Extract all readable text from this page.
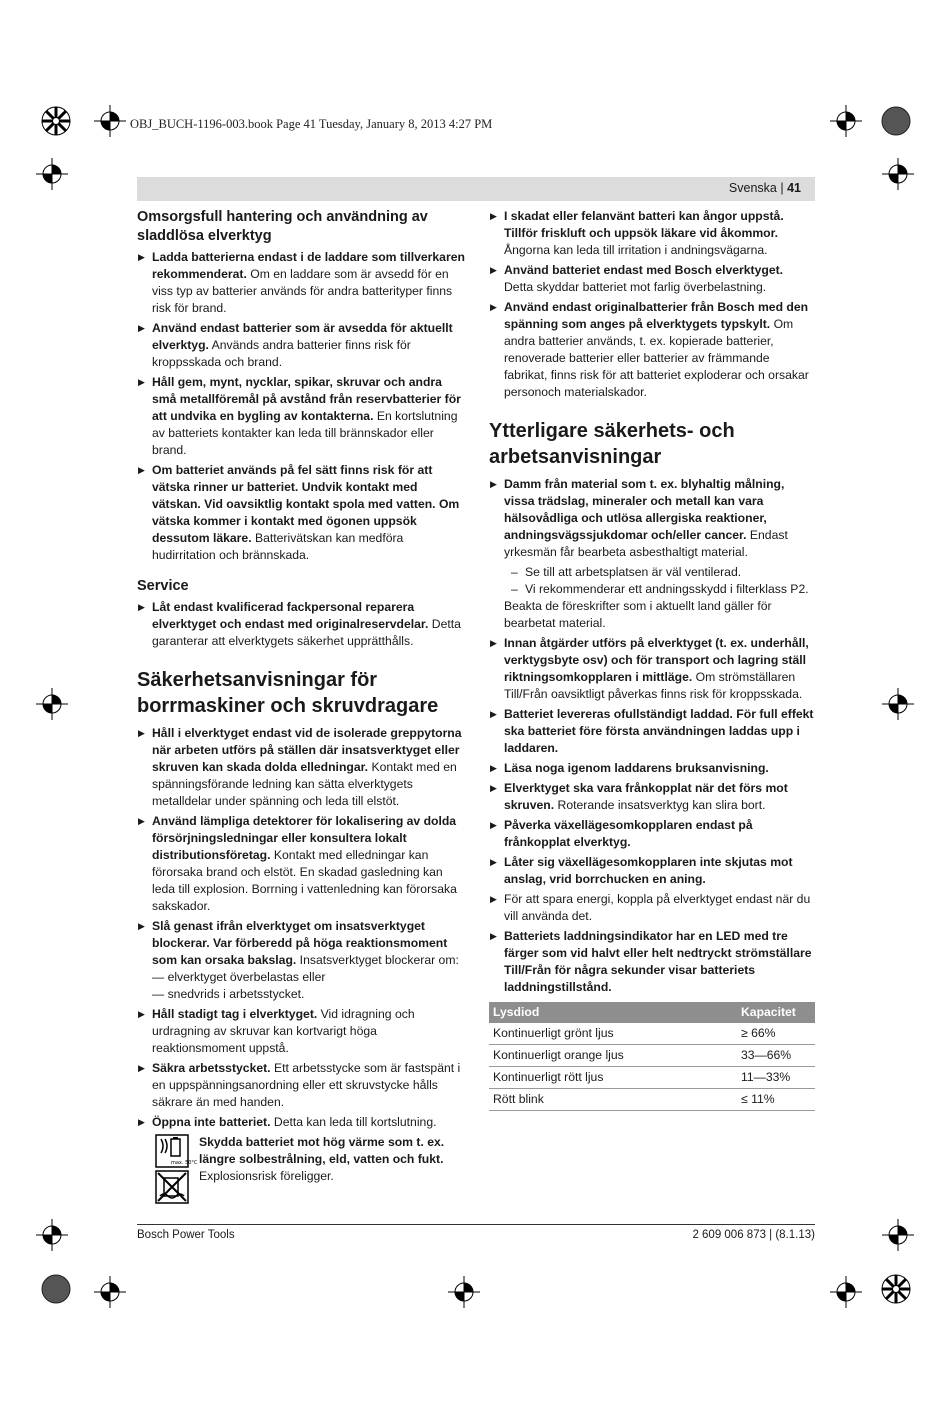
OBJ_BUCH-1196-003.book Page 41 Tuesday, January 8, 2013 4:27 PM
Svenska | 41
Omsorgsfull hantering och användning av sladdlösa elverktyg

▶ Ladda batterierna endast i de laddare som tillverkaren rekommenderat. Om en laddare som är avsedd för en viss typ av batterier används för andra batterityper finns risk för brand.

▶ Använd endast batterier som är avsedda för aktuellt elverktyg. Används andra batterier finns risk för kroppsskada och brand.

▶ Håll gem, mynt, nycklar, spikar, skruvar och andra små metallföremål på avstånd från reservbatterier för att undvika en bygling av kontakterna. En kortslutning av batteriets kontakter kan leda till brännskador eller brand.

▶ Om batteriet används på fel sätt finns risk för att vätska rinner ur batteriet. Undvik kontakt med vätskan. Vid oavsiktlig kontakt spola med vatten. Om vätska kommer i kontakt med ögonen uppsök dessutom läkare. Batterivätskan kan medföra hudirritation och brännskada.

Service

▶ Låt endast kvalificerad fackpersonal reparera elverktyget och endast med originalreservdelar. Detta garanterar att elverktygets säkerhet upprätthålls.

Säkerhetsanvisningar för borrmaskiner och skruvdragare

▶ Håll i elverktyget endast vid de isolerade greppytorna när arbeten utförs på ställen där insatsverktyget eller skruven kan skada dolda elledningar. Kontakt med en spänningsförande ledning kan sätta elverktygets metalldelar under spänning och leda till elstöt.

▶ Använd lämpliga detektorer för lokalisering av dolda försörjningsledningar eller konsultera lokalt distributionsföretag. Kontakt med elledningar kan förorsaka brand och elstöt. En skadad gasledning kan leda till explosion. Borrning i vattenledning kan förorsaka sakskador.

▶ Slå genast ifrån elverktyget om insatsverktyget blockerar. Var förberedd på höga reaktionsmoment som kan orsaka bakslag. Insatsverktyget blockerar om:
— elverktyget överbelastas eller
— snedvrids i arbetsstycket.

▶ Håll stadigt tag i elverktyget. Vid idragning och urdragning av skruvar kan kortvarigt höga reaktionsmoment uppstå.

▶ Säkra arbetsstycket. Ett arbetsstycke som är fastspänt i en uppspänningsanordning eller ett skruvstycke hålls säkrare än med handen.

▶ Öppna inte batteriet. Detta kan leda till kortslutning.

max. 50°C
Skydda batteriet mot hög värme som t. ex. längre solbestrålning, eld, vatten och fukt.
Explosionsrisk föreligger.

▶ I skadat eller felanvänt batteri kan ångor uppstå. Tillför friskluft och uppsök läkare vid åkommor. Ångorna kan leda till irritation i andningsvägarna.

▶ Använd batteriet endast med Bosch elverktyget. Detta skyddar batteriet mot farlig överbelastning.

▶ Använd endast originalbatterier från Bosch med den spänning som anges på elverktygets typskylt. Om andra batterier används, t. ex. kopierade batterier, renoverade batterier eller batterier av främmande fabrikat, finns risk för att batteriet exploderar och orsakar personoch materialskador.

Ytterligare säkerhets- och arbetsanvisningar

▶ Damm från material som t. ex. blyhaltig målning, vissa trädslag, mineraler och metall kan vara hälsovådliga och utlösa allergiska reaktioner, andningsvägssjukdomar och/eller cancer. Endast yrkesmän får bearbeta asbesthaltigt material.

– Se till att arbetsplatsen är väl ventilerad.

– Vi rekommenderar ett andningsskydd i filterklass P2.

Beakta de föreskrifter som i aktuellt land gäller för bearbetat material.

▶ Innan åtgärder utförs på elverktyget (t. ex. underhåll, verktygsbyte osv) och för transport och lagring ställ riktningsomkopplaren i mittläge. Om strömställaren Till/Från oavsiktligt påverkas finns risk för kroppsskada.

▶ Batteriet levereras ofullständigt laddad. För full effekt ska batteriet före första användningen laddas upp i laddaren.

▶ Läsa noga igenom laddarens bruksanvisning.

▶ Elverktyget ska vara frånkopplat när det förs mot skruven. Roterande insatsverktyg kan slira bort.

▶ Påverka växellägesomkopplaren endast på frånkopplat elverktyg.

▶ Låter sig växellägesomkopplaren inte skjutas mot anslag, vrid borrchucken en aning.

▶ För att spara energi, koppla på elverktyget endast när du vill använda det.

▶ Batteriets laddningsindikator har en LED med tre färger som vid halvt eller helt nedtryckt strömställare Till/Från för några sekunder visar batteriets laddningstillstånd.

Lysdiod	Kapacitet
Kontinuerligt grönt ljus	≥ 66%
Kontinuerligt orange ljus	33—66%
Kontinuerligt rött ljus	11—33%
Rött blink	≤ 11%
Bosch Power Tools	2 609 006 873 | (8.1.13)
